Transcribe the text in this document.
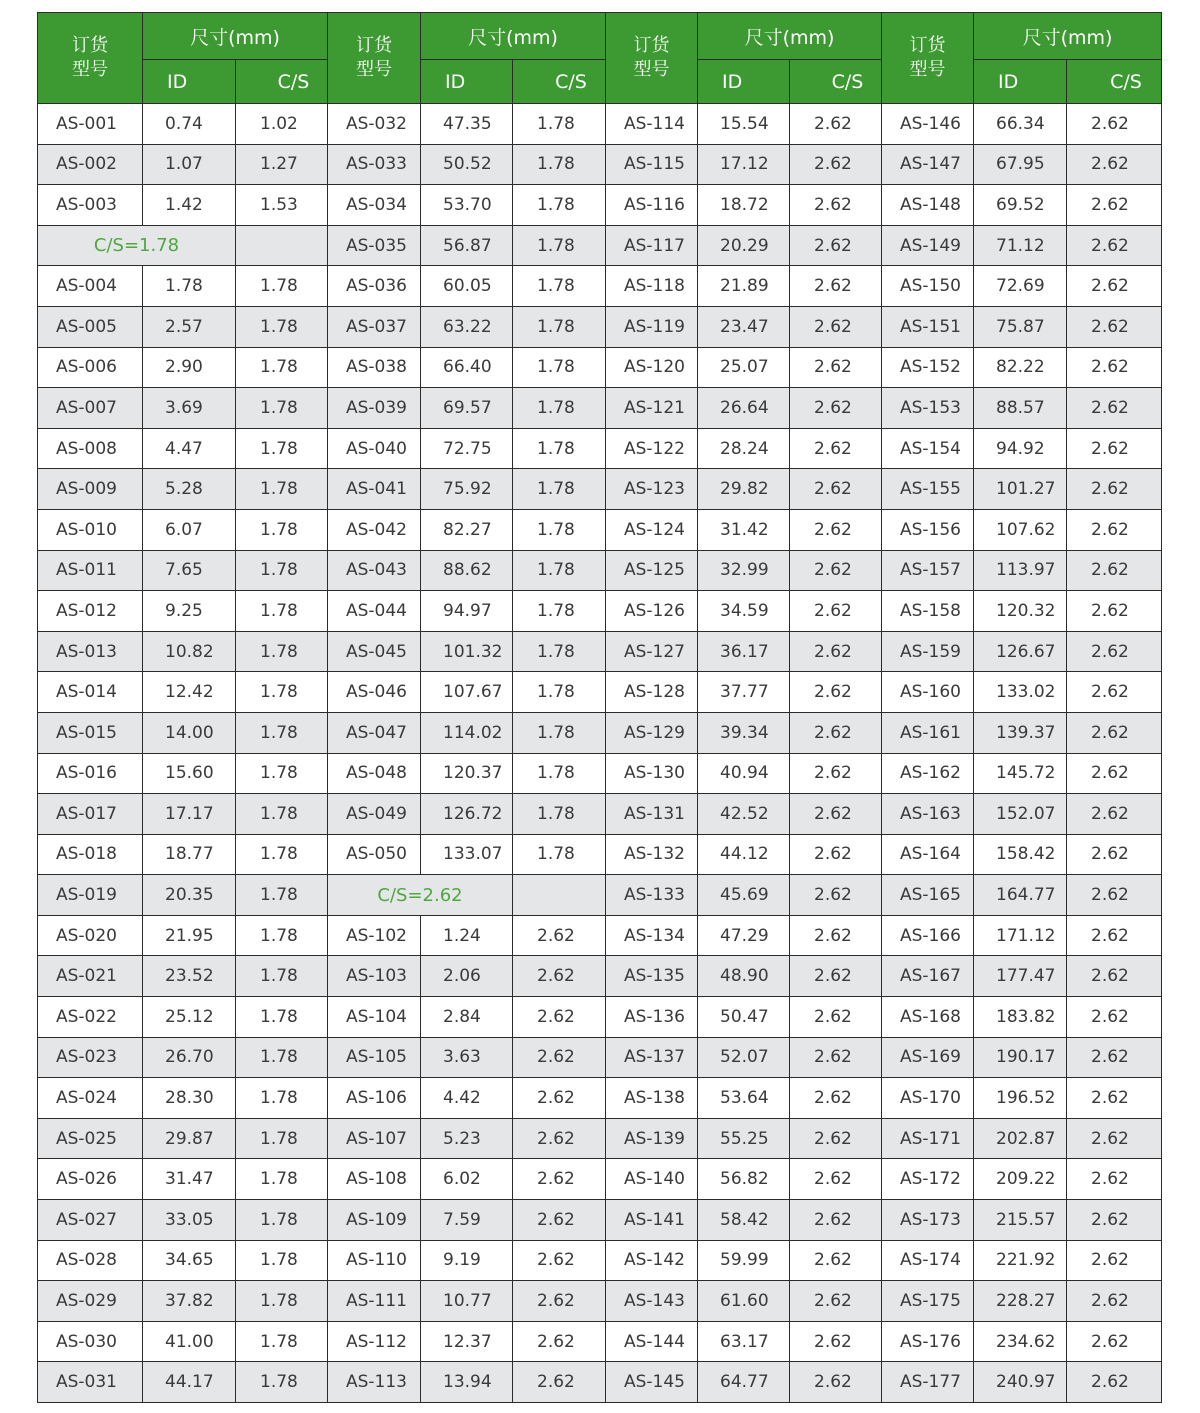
订货
型号	尺寸(mm)		订货
型号	尺寸(mm)		订货
型号	尺寸(mm)		订货
型号	尺寸(mm)	
	ID	C/S		ID	C/S		ID	C/S		ID	C/S
AS-001	0.74	1.02	AS-032	47.35	1.78	AS-114	15.54	2.62	AS-146	66.34	2.62
AS-002	1.07	1.27	AS-033	50.52	1.78	AS-115	17.12	2.62	AS-147	67.95	2.62
AS-003	1.42	1.53	AS-034	53.70	1.78	AS-116	18.72	2.62	AS-148	69.52	2.62
C/S=1.78			AS-035	56.87	1.78	AS-117	20.29	2.62	AS-149	71.12	2.62
AS-004	1.78	1.78	AS-036	60.05	1.78	AS-118	21.89	2.62	AS-150	72.69	2.62
AS-005	2.57	1.78	AS-037	63.22	1.78	AS-119	23.47	2.62	AS-151	75.87	2.62
AS-006	2.90	1.78	AS-038	66.40	1.78	AS-120	25.07	2.62	AS-152	82.22	2.62
AS-007	3.69	1.78	AS-039	69.57	1.78	AS-121	26.64	2.62	AS-153	88.57	2.62
AS-008	4.47	1.78	AS-040	72.75	1.78	AS-122	28.24	2.62	AS-154	94.92	2.62
AS-009	5.28	1.78	AS-041	75.92	1.78	AS-123	29.82	2.62	AS-155	101.27	2.62
AS-010	6.07	1.78	AS-042	82.27	1.78	AS-124	31.42	2.62	AS-156	107.62	2.62
AS-011	7.65	1.78	AS-043	88.62	1.78	AS-125	32.99	2.62	AS-157	113.97	2.62
AS-012	9.25	1.78	AS-044	94.97	1.78	AS-126	34.59	2.62	AS-158	120.32	2.62
AS-013	10.82	1.78	AS-045	101.32	1.78	AS-127	36.17	2.62	AS-159	126.67	2.62
AS-014	12.42	1.78	AS-046	107.67	1.78	AS-128	37.77	2.62	AS-160	133.02	2.62
AS-015	14.00	1.78	AS-047	114.02	1.78	AS-129	39.34	2.62	AS-161	139.37	2.62
AS-016	15.60	1.78	AS-048	120.37	1.78	AS-130	40.94	2.62	AS-162	145.72	2.62
AS-017	17.17	1.78	AS-049	126.72	1.78	AS-131	42.52	2.62	AS-163	152.07	2.62
AS-018	18.77	1.78	AS-050	133.07	1.78	AS-132	44.12	2.62	AS-164	158.42	2.62
AS-019	20.35	1.78	C/S=2.62			AS-133	45.69	2.62	AS-165	164.77	2.62
AS-020	21.95	1.78	AS-102	1.24	2.62	AS-134	47.29	2.62	AS-166	171.12	2.62
AS-021	23.52	1.78	AS-103	2.06	2.62	AS-135	48.90	2.62	AS-167	177.47	2.62
AS-022	25.12	1.78	AS-104	2.84	2.62	AS-136	50.47	2.62	AS-168	183.82	2.62
AS-023	26.70	1.78	AS-105	3.63	2.62	AS-137	52.07	2.62	AS-169	190.17	2.62
AS-024	28.30	1.78	AS-106	4.42	2.62	AS-138	53.64	2.62	AS-170	196.52	2.62
AS-025	29.87	1.78	AS-107	5.23	2.62	AS-139	55.25	2.62	AS-171	202.87	2.62
AS-026	31.47	1.78	AS-108	6.02	2.62	AS-140	56.82	2.62	AS-172	209.22	2.62
AS-027	33.05	1.78	AS-109	7.59	2.62	AS-141	58.42	2.62	AS-173	215.57	2.62
AS-028	34.65	1.78	AS-110	9.19	2.62	AS-142	59.99	2.62	AS-174	221.92	2.62
AS-029	37.82	1.78	AS-111	10.77	2.62	AS-143	61.60	2.62	AS-175	228.27	2.62
AS-030	41.00	1.78	AS-112	12.37	2.62	AS-144	63.17	2.62	AS-176	234.62	2.62
AS-031	44.17	1.78	AS-113	13.94	2.62	AS-145	64.77	2.62	AS-177	240.97	2.62
